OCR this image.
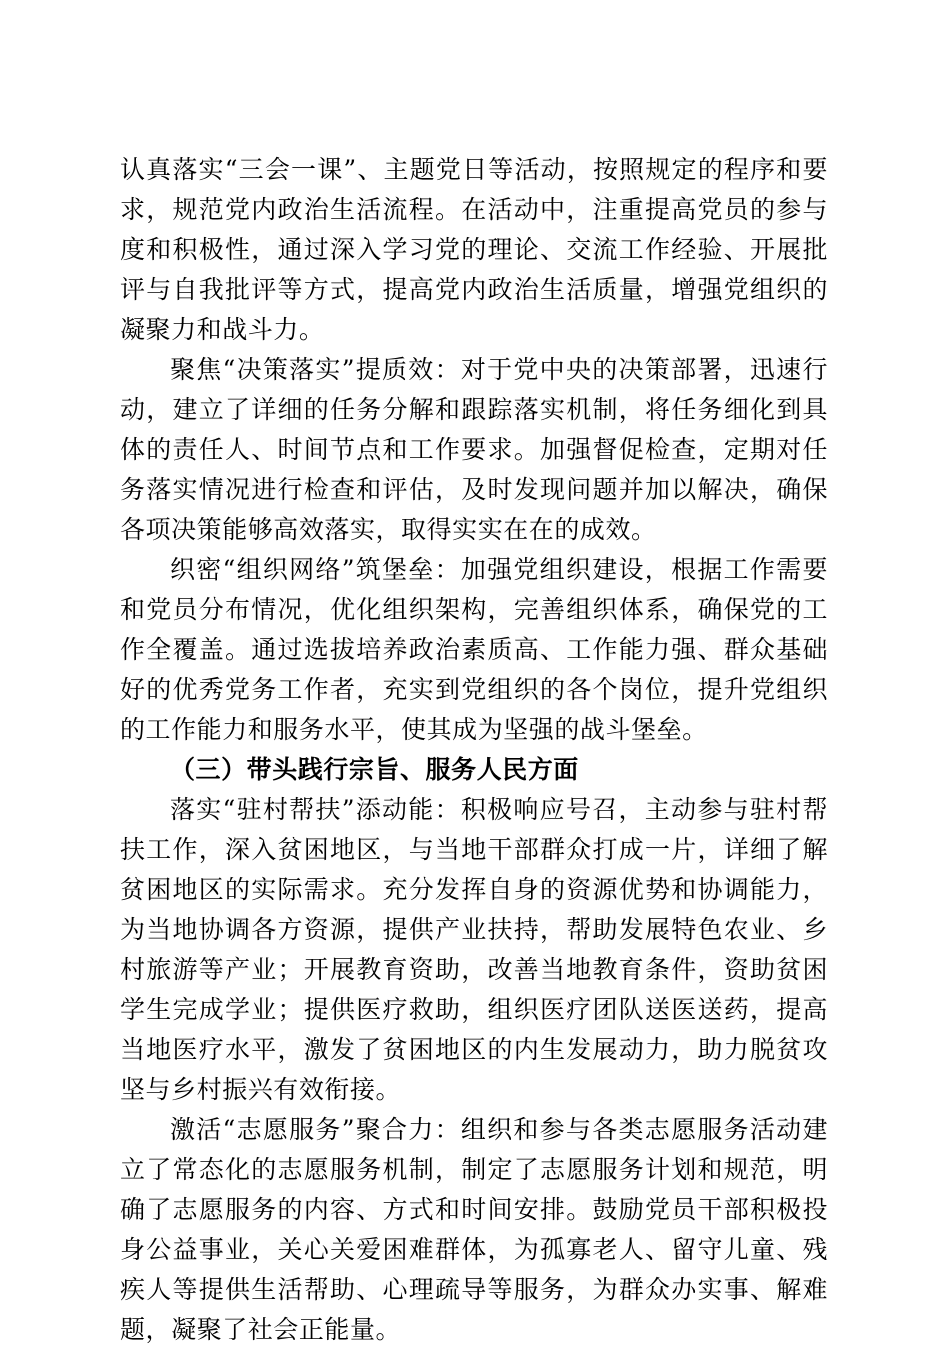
认真落实“三会一课”、主题党日等活动，按照规定的程序和要求，规范党内政治生活流程。在活动中，注重提高党员的参与度和积极性，通过深入学习党的理论、交流工作经验、开展批评与自我批评等方式，提高党内政治生活质量，增强党组织的凝聚力和战斗力。

聚焦“决策落实”提质效：对于党中央的决策部署，迅速行动，建立了详细的任务分解和跟踪落实机制，将任务细化到具体的责任人、时间节点和工作要求。加强督促检查，定期对任务落实情况进行检查和评估，及时发现问题并加以解决，确保各项决策能够高效落实，取得实实在在的成效。

织密“组织网络”筑堡垒：加强党组织建设，根据工作需要和党员分布情况，优化组织架构，完善组织体系，确保党的工作全覆盖。通过选拔培养政治素质高、工作能力强、群众基础好的优秀党务工作者，充实到党组织的各个岗位，提升党组织的工作能力和服务水平，使其成为坚强的战斗堡垒。

（三）带头践行宗旨、服务人民方面

落实“驻村帮扶”添动能：积极响应号召，主动参与驻村帮扶工作，深入贫困地区，与当地干部群众打成一片，详细了解贫困地区的实际需求。充分发挥自身的资源优势和协调能力，为当地协调各方资源，提供产业扶持，帮助发展特色农业、乡村旅游等产业；开展教育资助，改善当地教育条件，资助贫困学生完成学业；提供医疗救助，组织医疗团队送医送药，提高当地医疗水平，激发了贫困地区的内生发展动力，助力脱贫攻坚与乡村振兴有效衔接。

激活“志愿服务”聚合力：组织和参与各类志愿服务活动建立了常态化的志愿服务机制，制定了志愿服务计划和规范，明确了志愿服务的内容、方式和时间安排。鼓励党员干部积极投身公益事业，关心关爱困难群体，为孤寡老人、留守儿童、残疾人等提供生活帮助、心理疏导等服务，为群众办实事、解难题，凝聚了社会正能量。
